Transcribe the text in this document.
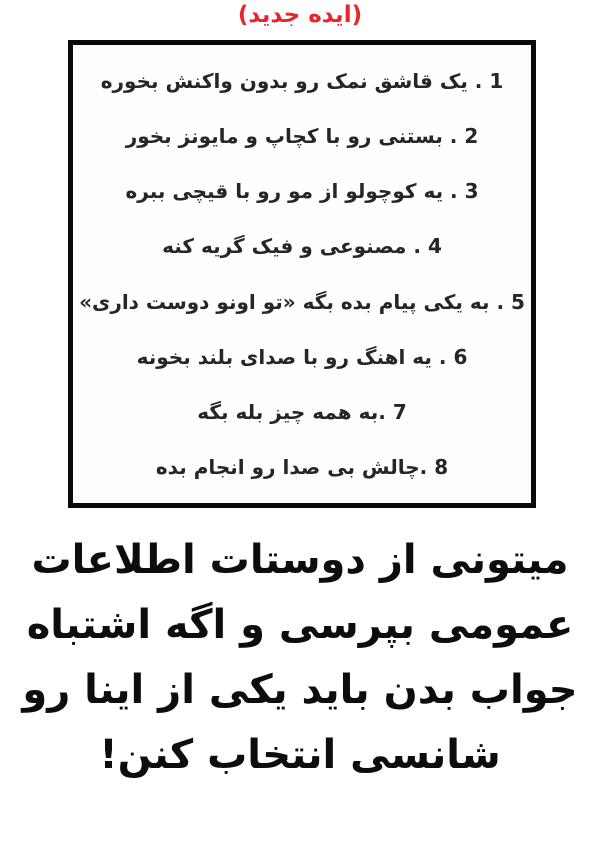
(ایده جدید)
1 . یک قاشق نمک رو بدون واکنش بخوره
2 . بستنی رو با کچاپ و مایونز بخور
3 . یه کوچولو از مو رو با قیچی ببره
4 . مصنوعی و فیک گریه کنه
5 . به یکی پیام بده بگه «تو اونو دوست داری»
6 . یه اهنگ رو با صدای بلند بخونه
7 .به همه چیز بله بگه
8 .چالش بی صدا رو انجام بده
میتونی از دوستات اطلاعات
عمومی بپرسی و اگه اشتباه
جواب بدن باید یکی از اینا رو
شانسی انتخاب کنن!
